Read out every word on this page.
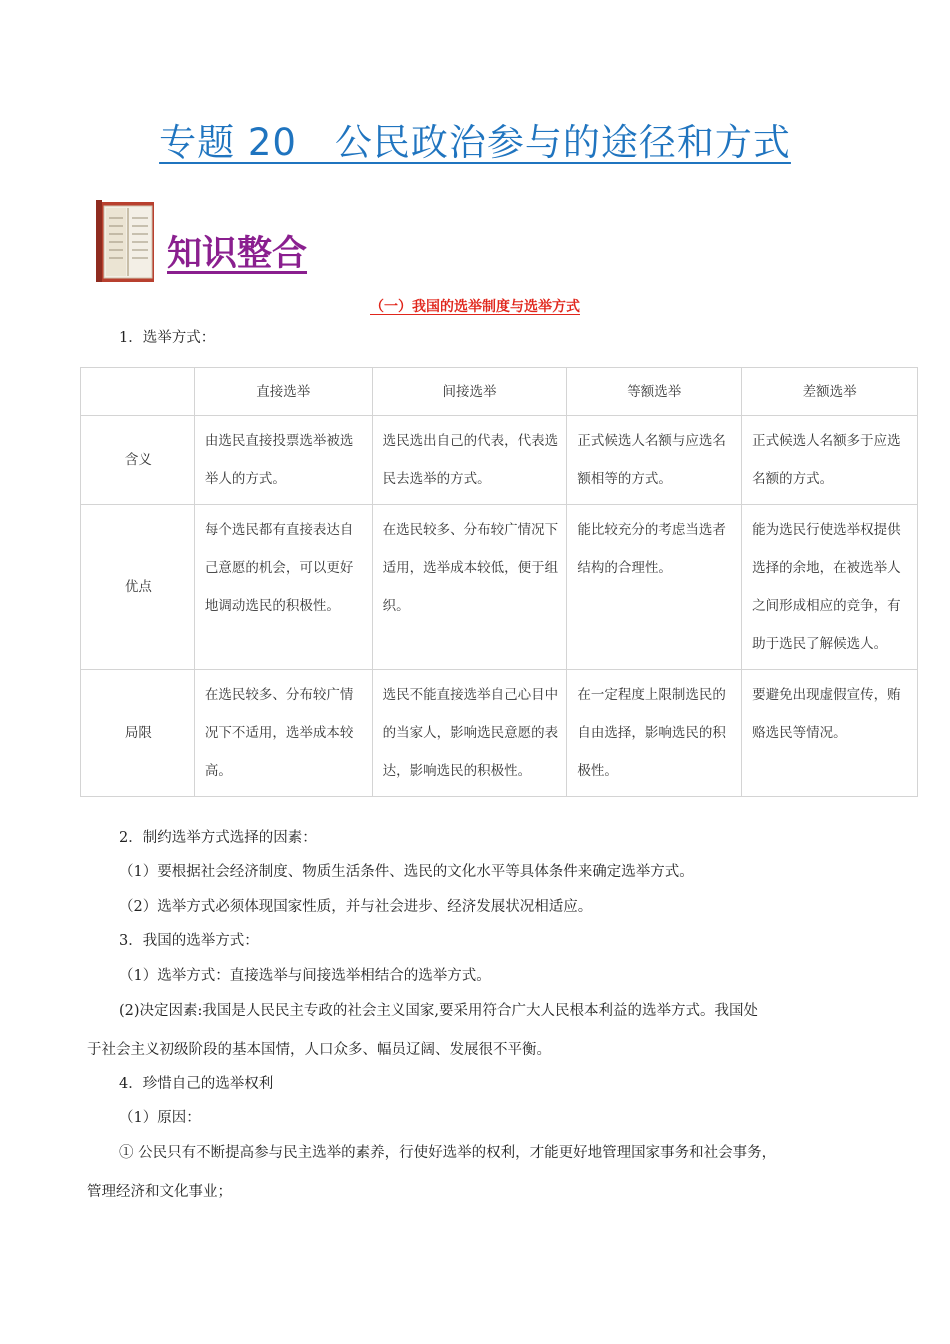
专题 20　公民政治参与的途径和方式
知识整合
（一）我国的选举制度与选举方式
1．选举方式：
	直接选举	间接选举	等额选举	差额选举
含义	由选民直接投票选举被选举人的方式。	选民选出自己的代表，代表选民去选举的方式。	正式候选人名额与应选名额相等的方式。	正式候选人名额多于应选名额的方式。
优点	每个选民都有直接表达自己意愿的机会，可以更好地调动选民的积极性。	在选民较多、分布较广情况下适用，选举成本较低，便于组织。	能比较充分的考虑当选者结构的合理性。	能为选民行使选举权提供选择的余地，在被选举人之间形成相应的竞争，有助于选民了解候选人。
局限	在选民较多、分布较广情况下不适用，选举成本较高。	选民不能直接选举自己心目中的当家人，影响选民意愿的表达，影响选民的积极性。	在一定程度上限制选民的自由选择，影响选民的积极性。	要避免出现虚假宣传，贿赂选民等情况。
2．制约选举方式选择的因素：
（1）要根据社会经济制度、物质生活条件、选民的文化水平等具体条件来确定选举方式。
（2）选举方式必须体现国家性质，并与社会进步、经济发展状况相适应。
3．我国的选举方式：
（1）选举方式：直接选举与间接选举相结合的选举方式。
(2)决定因素:我国是人民民主专政的社会主义国家,要采用符合广大人民根本利益的选举方式。我国处
于社会主义初级阶段的基本国情，人口众多、幅员辽阔、发展很不平衡。
4．珍惜自己的选举权利
（1）原因：
① 公民只有不断提高参与民主选举的素养，行使好选举的权利，才能更好地管理国家事务和社会事务，
管理经济和文化事业；
